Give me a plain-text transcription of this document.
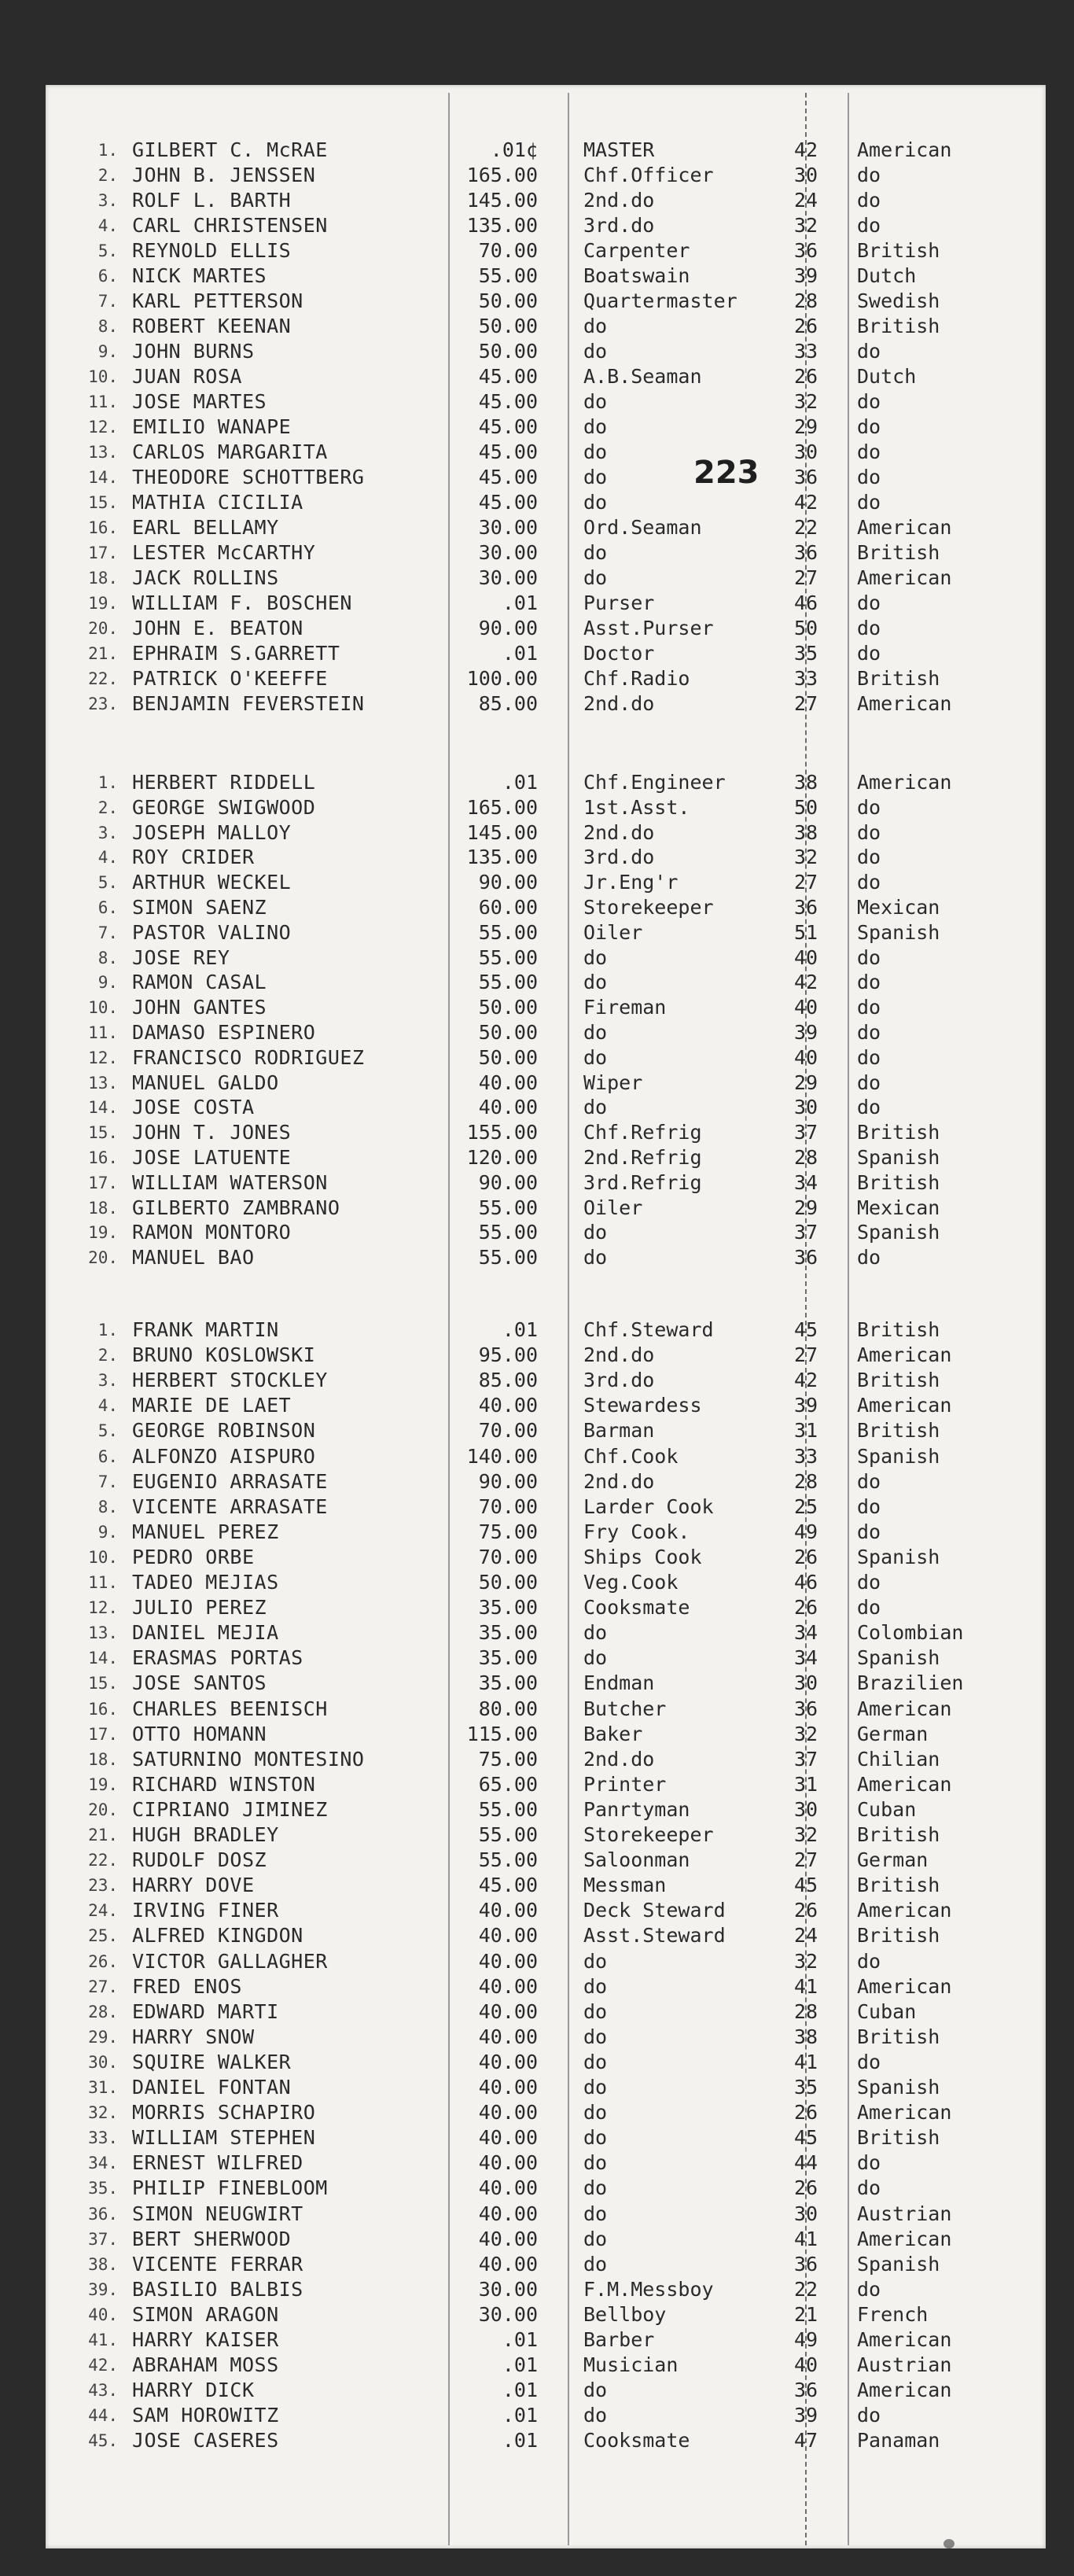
223
1. GILBERT C. McRAE	.01¢ MASTER	42 American
2. JOHN B. JENSSEN	165.00 Chf.Officer	30 do
3. ROLF L. BARTH	145.00 2nd.do	24 do
4. CARL CHRISTENSEN	135.00 3rd.do	32 do
5. REYNOLD ELLIS	70.00 Carpenter	36 British
6. NICK MARTES	55.00 Boatswain	39 Dutch
7. KARL PETTERSON	50.00 Quartermaster	28 Swedish
8. ROBERT KEENAN	50.00 do	26 British
9. JOHN BURNS	50.00 do	33 do
10. JUAN ROSA	45.00 A.B.Seaman	26 Dutch
11. JOSE MARTES	45.00 do	32 do
12. EMILIO WANAPE	45.00 do	29 do
13. CARLOS MARGARITA	45.00 do	30 do
14. THEODORE SCHOTTBERG	45.00 do	36 do
15. MATHIA CICILIA	45.00 do	42 do
16. EARL BELLAMY	30.00 Ord.Seaman	22 American
17. LESTER McCARTHY	30.00 do	36 British
18. JACK ROLLINS	30.00 do	27 American
19. WILLIAM F. BOSCHEN	.01 Purser	46 do
20. JOHN E. BEATON	90.00 Asst.Purser	50 do
21. EPHRAIM S.GARRETT	.01 Doctor	35 do
22. PATRICK O'KEEFFE	100.00 Chf.Radio	33 British
23. BENJAMIN FEVERSTEIN	85.00 2nd.do	27 American
1. HERBERT RIDDELL	.01 Chf.Engineer	38 American
2. GEORGE SWIGWOOD	165.00 1st.Asst.	50 do
3. JOSEPH MALLOY	145.00 2nd.do	38 do
4. ROY CRIDER	135.00 3rd.do	32 do
5. ARTHUR WECKEL	90.00 Jr.Eng'r	27 do
6. SIMON SAENZ	60.00 Storekeeper	36 Mexican
7. PASTOR VALINO	55.00 Oiler	51 Spanish
8. JOSE REY	55.00 do	40 do
9. RAMON CASAL	55.00 do	42 do
10. JOHN GANTES	50.00 Fireman	40 do
11. DAMASO ESPINERO	50.00 do	39 do
12. FRANCISCO RODRIGUEZ	50.00 do	40 do
13. MANUEL GALDO	40.00 Wiper	29 do
14. JOSE COSTA	40.00 do	30 do
15. JOHN T. JONES	155.00 Chf.Refrig	37 British
16. JOSE LATUENTE	120.00 2nd.Refrig	28 Spanish
17. WILLIAM WATERSON	90.00 3rd.Refrig	34 British
18. GILBERTO ZAMBRANO	55.00 Oiler	29 Mexican
19. RAMON MONTORO	55.00 do	37 Spanish
20. MANUEL BAO	55.00 do	36 do
1. FRANK MARTIN	.01 Chf.Steward	45 British
2. BRUNO KOSLOWSKI	95.00 2nd.do	27 American
3. HERBERT STOCKLEY	85.00 3rd.do	42 British
4. MARIE DE LAET	40.00 Stewardess	39 American
5. GEORGE ROBINSON	70.00 Barman	31 British
6. ALFONZO AISPURO	140.00 Chf.Cook	33 Spanish
7. EUGENIO ARRASATE	90.00 2nd.do	28 do
8. VICENTE ARRASATE	70.00 Larder Cook	25 do
9. MANUEL PEREZ	75.00 Fry Cook.	49 do
10. PEDRO ORBE	70.00 Ships Cook	26 Spanish
11. TADEO MEJIAS	50.00 Veg.Cook	46 do
12. JULIO PEREZ	35.00 Cooksmate	26 do
13. DANIEL MEJIA	35.00 do	34 Colombian
14. ERASMAS PORTAS	35.00 do	34 Spanish
15. JOSE SANTOS	35.00 Endman	30 Brazilien
16. CHARLES BEENISCH	80.00 Butcher	36 American
17. OTTO HOMANN	115.00 Baker	32 German
18. SATURNINO MONTESINO	75.00 2nd.do	37 Chilian
19. RICHARD WINSTON	65.00 Printer	31 American
20. CIPRIANO JIMINEZ	55.00 Panrtyman	30 Cuban
21. HUGH BRADLEY	55.00 Storekeeper	32 British
22. RUDOLF DOSZ	55.00 Saloonman	27 German
23. HARRY DOVE	45.00 Messman	45 British
24. IRVING FINER	40.00 Deck Steward	26 American
25. ALFRED KINGDON	40.00 Asst.Steward	24 British
26. VICTOR GALLAGHER	40.00 do	32 do
27. FRED ENOS	40.00 do	41 American
28. EDWARD MARTI	40.00 do	28 Cuban
29. HARRY SNOW	40.00 do	38 British
30. SQUIRE WALKER	40.00 do	41 do
31. DANIEL FONTAN	40.00 do	35 Spanish
32. MORRIS SCHAPIRO	40.00 do	26 American
33. WILLIAM STEPHEN	40.00 do	45 British
34. ERNEST WILFRED	40.00 do	44 do
35. PHILIP FINEBLOOM	40.00 do	26 do
36. SIMON NEUGWIRT	40.00 do	30 Austrian
37. BERT SHERWOOD	40.00 do	41 American
38. VICENTE FERRAR	40.00 do	36 Spanish
39. BASILIO BALBIS	30.00 F.M.Messboy	22 do
40. SIMON ARAGON	30.00 Bellboy	21 French
41. HARRY KAISER	.01 Barber	49 American
42. ABRAHAM MOSS	.01 Musician	40 Austrian
43. HARRY DICK	.01 do	36 American
44. SAM HOROWITZ	.01 do	39 do
45. JOSE CASERES	.01 Cooksmate	47 Panaman
